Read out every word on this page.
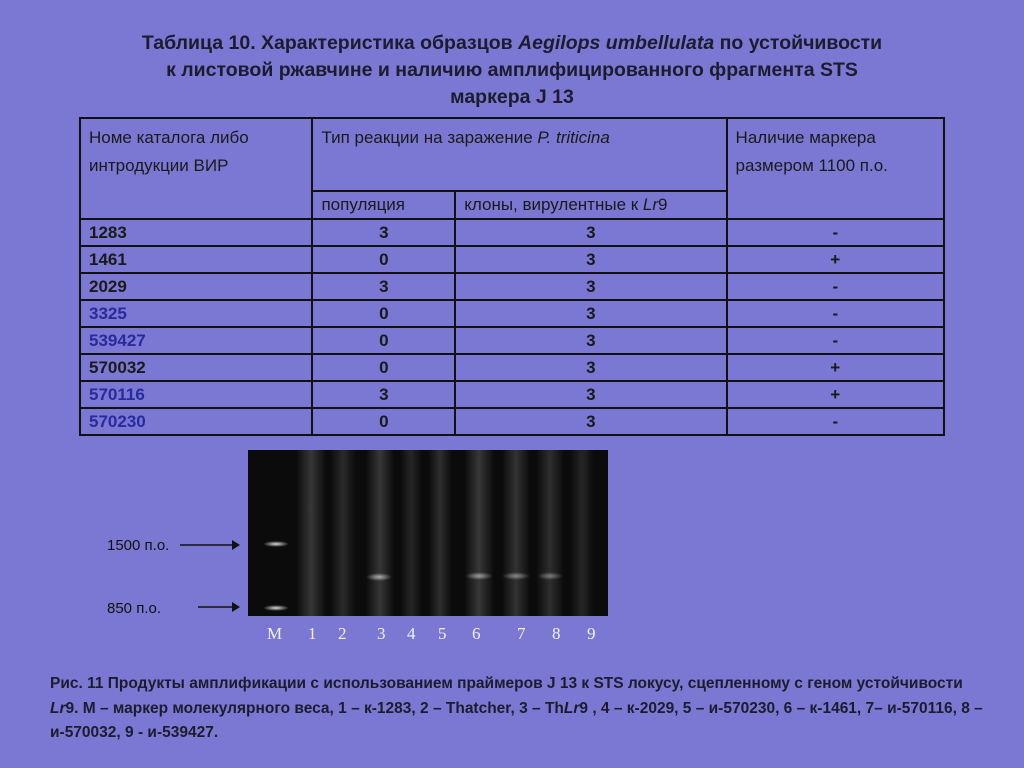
Таблица 10. Характеристика образцов Aegilops umbellulata по устойчивости
к листовой ржавчине и наличию амплифицированного фрагмента STS
маркера J 13
Номе каталога либо интродукции ВИР	Тип реакции на заражение P. triticina		Наличие маркера размером 1100 п.о.
	популяция	клоны, вирулентные к Lr9	
1283	3	3	-
1461	0	3	+
2029	3	3	-
3325	0	3	-
539427	0	3	-
570032	0	3	+
570116	3	3	+
570230	0	3	-
1500 п.о.
850 п.о.
M 1 2 3 4 5 6 7 8 9
Рис. 11 Продукты амплификации с использованием праймеров J 13 к STS локусу, сцепленному с геном устойчивости Lr9. М – маркер молекулярного веса, 1 – к-1283, 2 – Thatcher, 3 – ThLr9 , 4 – к-2029, 5 – и-570230, 6 – к-1461, 7– и-570116, 8 – и-570032, 9 - и-539427.
